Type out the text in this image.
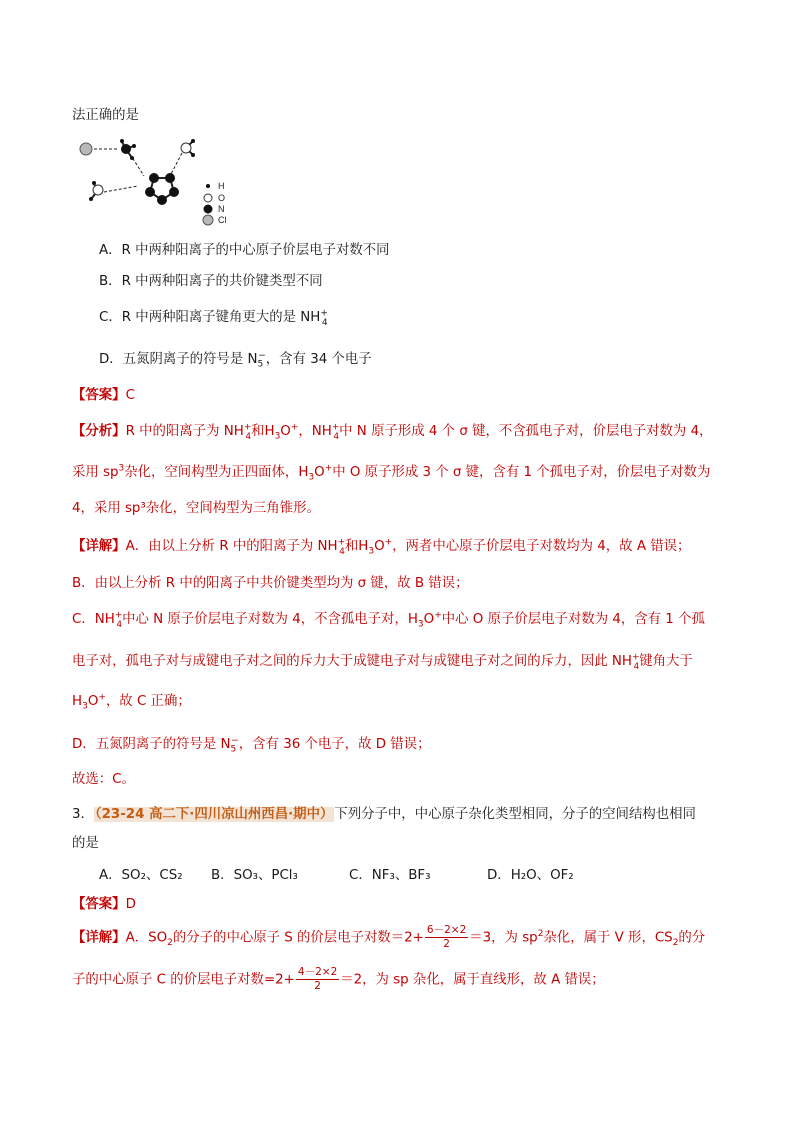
法正确的是
H
O
N
Cl
A．R 中两种阳离子的中心原子价层电子对数不同
B．R 中两种阳离子的共价键类型不同
C．R 中两种阳离子键角更大的是 $NH^+_4$
D．五氮阴离子的符号是 $N_5^-$，含有 34 个电子
【答案】C
【分析】R 中的阳离子为 $NH^+_4$和$H_3O^+$，$NH^+_4$中 N 原子形成 4 个 σ 键，不含孤电子对，价层电子对数为 4，
采用 $sp^3$杂化，空间构型为正四面体，$H_3O^+$中 O 原子形成 3 个 σ 键，含有 1 个孤电子对，价层电子对数为
4，采用 sp³杂化，空间构型为三角锥形。
【详解】A．由以上分析 R 中的阳离子为 $NH^+_4$和$H_3O^+$，两者中心原子价层电子对数均为 4，故 A 错误；
B．由以上分析 R 中的阳离子中共价键类型均为 σ 键，故 B 错误；
C．$NH^+_4$中心 N 原子价层电子对数为 4，不含孤电子对，$H_3O^+$中心 O 原子价层电子对数为 4，含有 1 个孤
电子对，孤电子对与成键电子对之间的斥力大于成键电子对与成键电子对之间的斥力，因此 $NH^+_4$键角大于
$H_3O^+$，故 C 正确；
D．五氮阴离子的符号是 $N_5^-$，含有 36 个电子，故 D 错误；
故选：C。
3．（23-24 高二下·四川凉山州西昌·期中）下列分子中，中心原子杂化类型相同，分子的空间结构也相同
的是
A．SO₂、CS₂ B．SO₃、PCl₃	C．NF₃、BF₃	D．H₂O、OF₂
【答案】D
【详解】A．$SO_2$的分子的中心原子 S 的价层电子对数$=2+ \frac{6-2\times 2}{2} =3$，为 $sp^2$杂化，属于 V 形，$CS_2$的分
子的中心原子 C 的价层电子对数$=2+ \frac{4-2\times 2}{2} =2$，为 sp 杂化，属于直线形，故 A 错误；
